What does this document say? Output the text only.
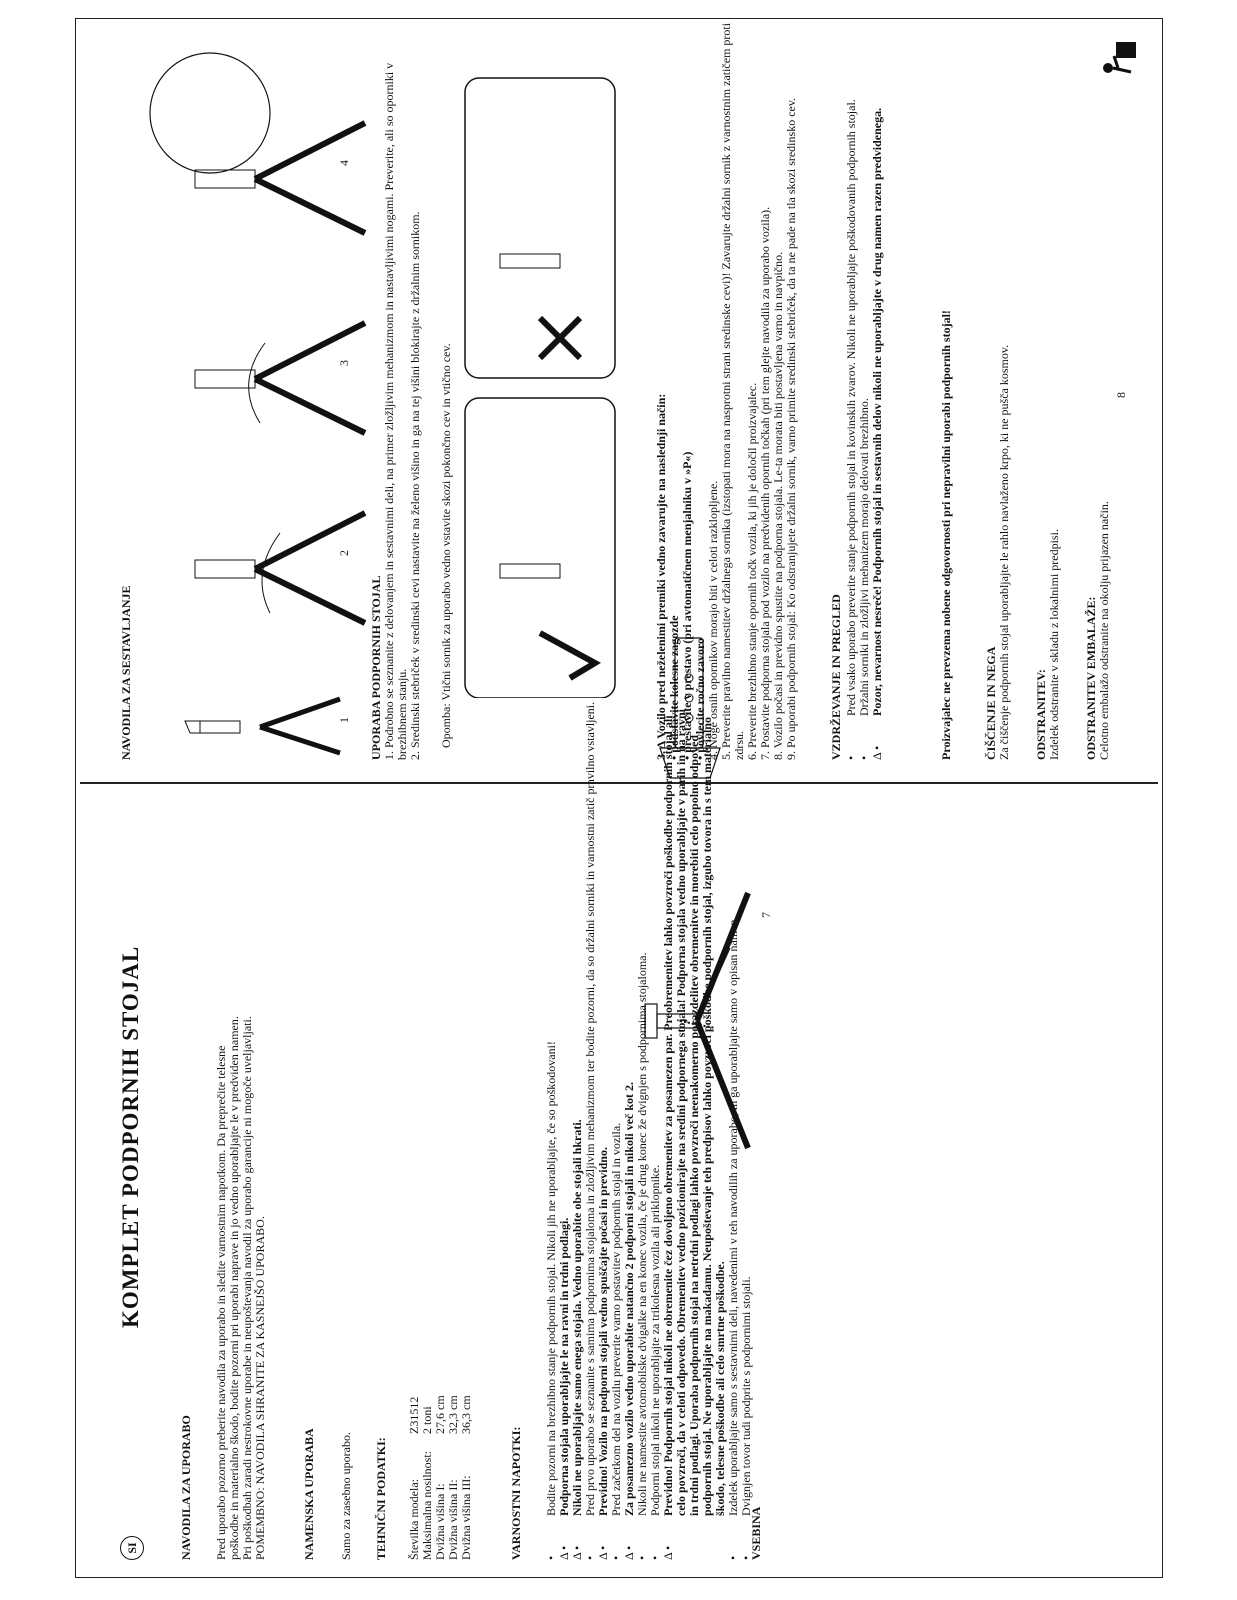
SI
KOMPLET PODPORNIH STOJAL
NAVODILA ZA UPORABO Pred uporabo pozorno preberite navodila za uporabo in sledite varnostnim napotkom. Da preprečite telesne poškodbe in materialno škodo, bodite pozorni pri uporabi naprave in jo vedno uporabljajte le v predviden namen. Pri poškodbah zaradi nestrokovne uporabe in neupoštevanja navodil za uporabo garancije ni mogoče uveljavljati. POMEMBNO: NAVODILA SHRANITE ZA KASNEJŠO UPORABO.	NAMENSKA UPORABA Samo za zasebno uporabo. TEHNIČNI PODATKI: Številka modela:
Z31512
Maksimalna nosilnost:
2 toni
Dvižna višina I:
27,6 cm
Dvižna višina II:
32,3 cm
Dvižna višina III:
36,3 cm
VARNOSTNI NAPOTKI: •
Bodite pozorni na brezhibno stanje podpornih stojal. Nikoli jih ne uporabljajte, če so poškodovani!
Δ •
Podporna stojala uporabljajte le na ravni in trdni podlagi.
Δ •
Nikoli ne uporabljajte samo enega stojala. Vedno uporabite obe stojali hkrati.
•
Pred prvo uporabo se seznanite s samima podpornima stojaloma in zložljivim mehanizmom ter bodite pozorni, da so držalni sorniki in varnostni zatič pravilno vstavljeni.
Δ •
Previdno! Vozilo na podporni stojali vedno spuščajte počasi in previdno.
•
Pred začetkom del na vozilu preverite varno postavitev podpornih stojal in vozila.
Δ •
Za posamezno vozilo vedno uporabite natančno 2 podporni stojali in nikoli več kot 2.
•
Nikoli ne namestite avtomobilske dvigalke na en konec vozila, če je drug konec že dvignjen s podpornima stojaloma.
•
Podporni stojal nikoli ne uporabljajte za trikolesna vozila ali priklopnike.
Δ •
Previdno! Podpornih stojal nikoli ne obremenite čez dovoljeno obremenitev za posamezen par. Preobremenitev lahko povzroči poškodbe podpornih stojal ali celo povzroči, da v celoti odpovedo. Obremenitev vedno pozicionirajte na sredini podpornega stojala! Podporna stojala vedno uporabljajte v parih in na ravni in trdni podlagi. Uporaba podpornih stojal na netrdni podlagi lahko povzroči neenakomerno porazdelitev obremenitve in morebiti celo popolno odpoved podpornih stojal. Ne uporabljajte na makadamu. Neupoštevanje teh predpisov lahko povzroči poškodbe podpornih stojal, izgubo tovora in s tem materialno škodo, telesne poškodbe ali celo smrtne poškodbe.
•
Izdelek uporabljajte samo s sestavnimi deli, navedenimi v teh navodilih za uporabo, in ga uporabljajte samo v opisan namen.
•
Dvignjen tovor tudi podprite s podpornimi stojali.
VSEBINA
7
NAVODILA ZA SESTAVLJANJE	1
2
3
4
UPORABA PODPORNIH STOJAL 1. Podrobno se seznanite z delovanjem in sestavnimi deli, na primer zložljivim mehanizmom in nastavljivimi nogami. Preverite, ali so oporniki v brezhibnem stanju. 2. Sredinski stebriček v sredinski cevi nastavite na želeno višino in ga na tej višini blokirajte z držalnim sornikom. Opomba: Vtični sornik za uporabo vedno vstavite skozi pokončno cev in vtično cev.	3. Δ Vozilo pred neželenimi premiki vedno zavarujte na naslednji način: • podstavite kolesne zagozde • prestavite v prestavo (pri avtomatičnem menjalniku v »P«) • povlecite ročno zavoro 4. Noge osnih opornikov morajo biti v celoti razklopljene. 5. Preverite pravilno namestitev držalnega sornika (izstopati mora na nasprotni strani sredinske cevi)! Zavarujte držalni sornik z varnostnim zatičem proti zdrsu. 6. Preverite brezhibno stanje opornih točk vozila, ki jih je določil proizvajalec. 7. Postavite podporna stojala pod vozilo na predvidenih opornih točkah (pri tem glejte navodila za uporabo vozila). 8. Vozilo počasi in previdno spustite na podporna stojala. Le-ta morata biti postavljena varno in navpično. 9. Po uporabi podpornih stojal: Ko odstranjujete držalni sornik, varno primite sredinski stebriček, da ta ne pade na tla skozi sredinsko cev.	VZDRŽEVANJE IN PREGLED •
Pred vsako uporabo preverite stanje podpornih stojal in kovinskih zvarov. Nikoli ne uporabljajte poškodovanih podpornih stojal.
•
Držalni sorniki in zložljivi mehanizem morajo delovati brezhibno.
Δ •
Pozor, nevarnost nesreče! Podpornih stojal in sestavnih delov nikoli ne uporabljajte v drug namen razen predvidenega.	Proizvajalec ne prevzema nobene odgovornosti pri nepravilni uporabi podpornih stojal!	ČIŠČENJE IN NEGA Za čiščenje podpornih stojal uporabljajte le rahlo navlaženo krpo, ki ne pušča kosmov. ODSTRANITEV: Izdelek odstranite v skladu z lokalnimi predpisi. ODSTRANITEV EMBALAŽE: Celotno embalažo odstranite na okolju prijazen način.
8
